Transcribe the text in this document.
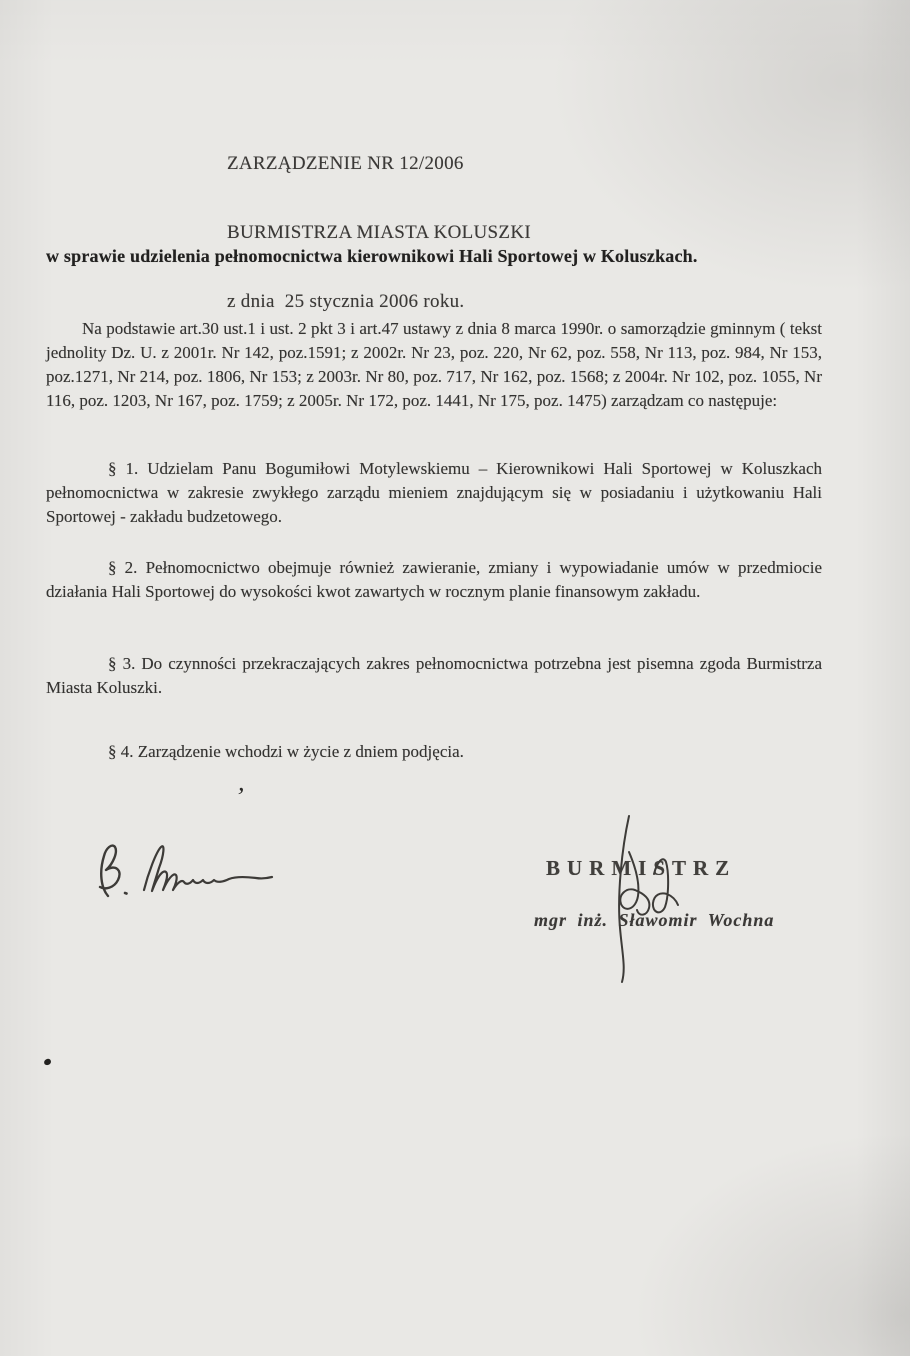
ZARZĄDZENIE NR 12/2006

BURMISTRZA MIASTA KOLUSZKI

z dnia  25 stycznia 2006 roku.

w sprawie udzielenia pełnomocnictwa kierownikowi Hali Sportowej w Koluszkach.

Na podstawie art.30 ust.1 i ust. 2 pkt 3 i art.47 ustawy z dnia 8 marca 1990r. o samorządzie gminnym ( tekst jednolity Dz. U. z 2001r. Nr 142, poz.1591; z 2002r. Nr 23, poz. 220, Nr 62, poz. 558, Nr 113, poz. 984, Nr 153, poz.1271, Nr 214, poz. 1806, Nr 153; z 2003r. Nr 80, poz. 717, Nr 162, poz. 1568; z 2004r. Nr 102, poz. 1055, Nr 116, poz. 1203, Nr 167, poz. 1759; z 2005r. Nr 172, poz. 1441, Nr 175, poz. 1475) zarządzam co następuje:

§ 1. Udzielam Panu Bogumiłowi Motylewskiemu – Kierownikowi Hali Sportowej w Koluszkach pełnomocnictwa w zakresie zwykłego zarządu mieniem znajdującym się w posiadaniu i użytkowaniu Hali Sportowej - zakładu budzetowego.

§ 2. Pełnomocnictwo obejmuje również zawieranie, zmiany i wypowiadanie umów w przedmiocie działania Hali Sportowej do wysokości kwot zawartych w rocznym planie finansowym zakładu.

§ 3. Do czynności przekraczających zakres pełnomocnictwa potrzebna jest pisemna zgoda Burmistrza Miasta Koluszki.

§ 4. Zarządzenie wchodzi w życie z dniem podjęcia.

’
BURMISTRZ
mgr inż. Sławomir Wochna
